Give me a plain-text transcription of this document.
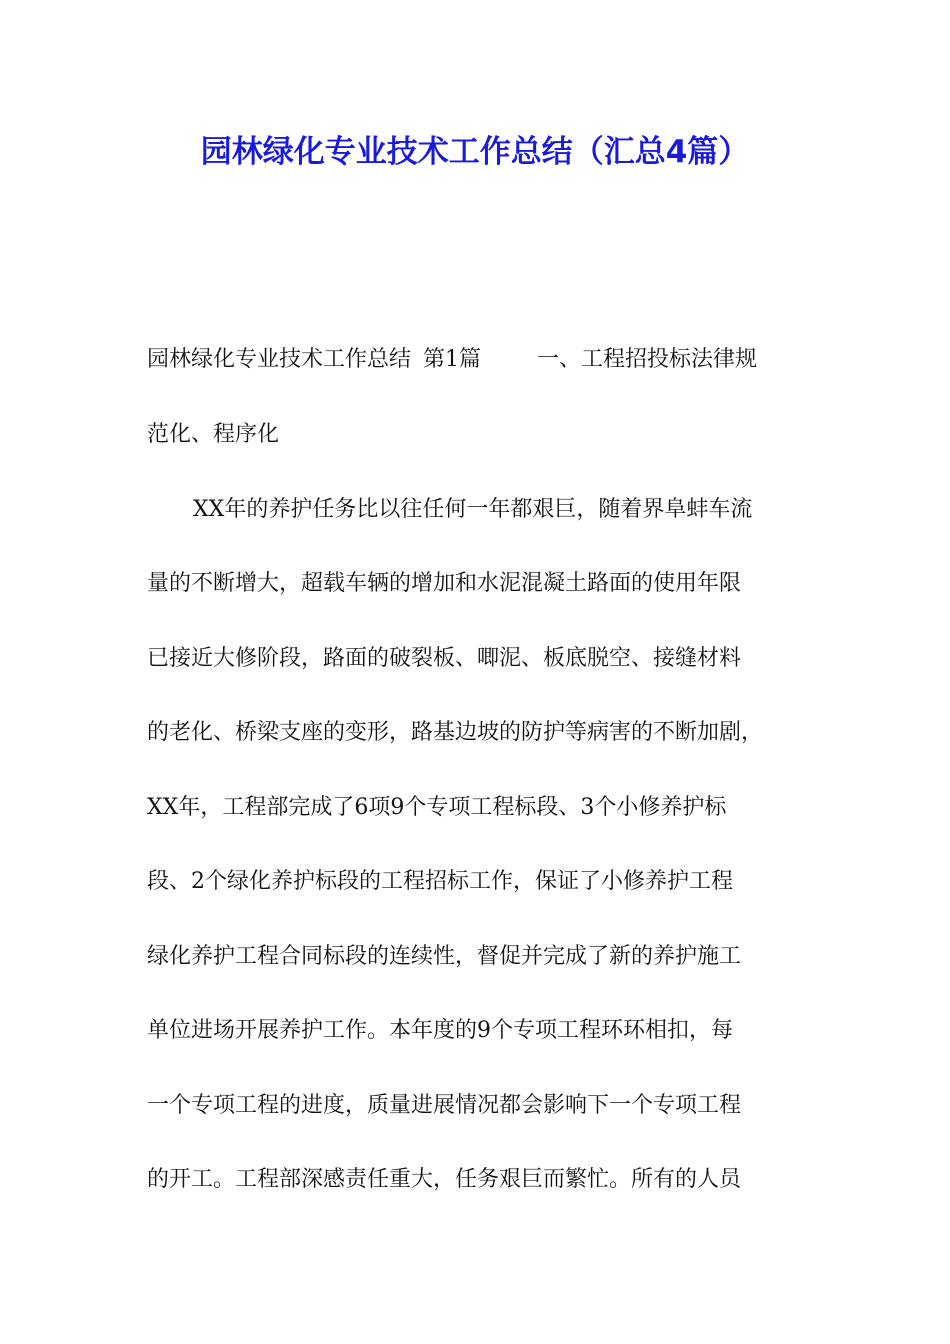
园林绿化专业技术工作总结（汇总4篇）
园林绿化专业技术工作总结 第1篇	一、工程招投标法律规
范化、程序化
XX年的养护任务比以往任何一年都艰巨，随着界阜蚌车流
量的不断增大，超载车辆的增加和水泥混凝土路面的使用年限
已接近大修阶段，路面的破裂板、唧泥、板底脱空、接缝材料
的老化、桥梁支座的变形，路基边坡的防护等病害的不断加剧，
XX年，工程部完成了6项9个专项工程标段、3个小修养护标
段、2个绿化养护标段的工程招标工作，保证了小修养护工程
绿化养护工程合同标段的连续性，督促并完成了新的养护施工
单位进场开展养护工作。本年度的9个专项工程环环相扣，每
一个专项工程的进度，质量进展情况都会影响下一个专项工程
的开工。工程部深感责任重大，任务艰巨而繁忙。所有的人员
